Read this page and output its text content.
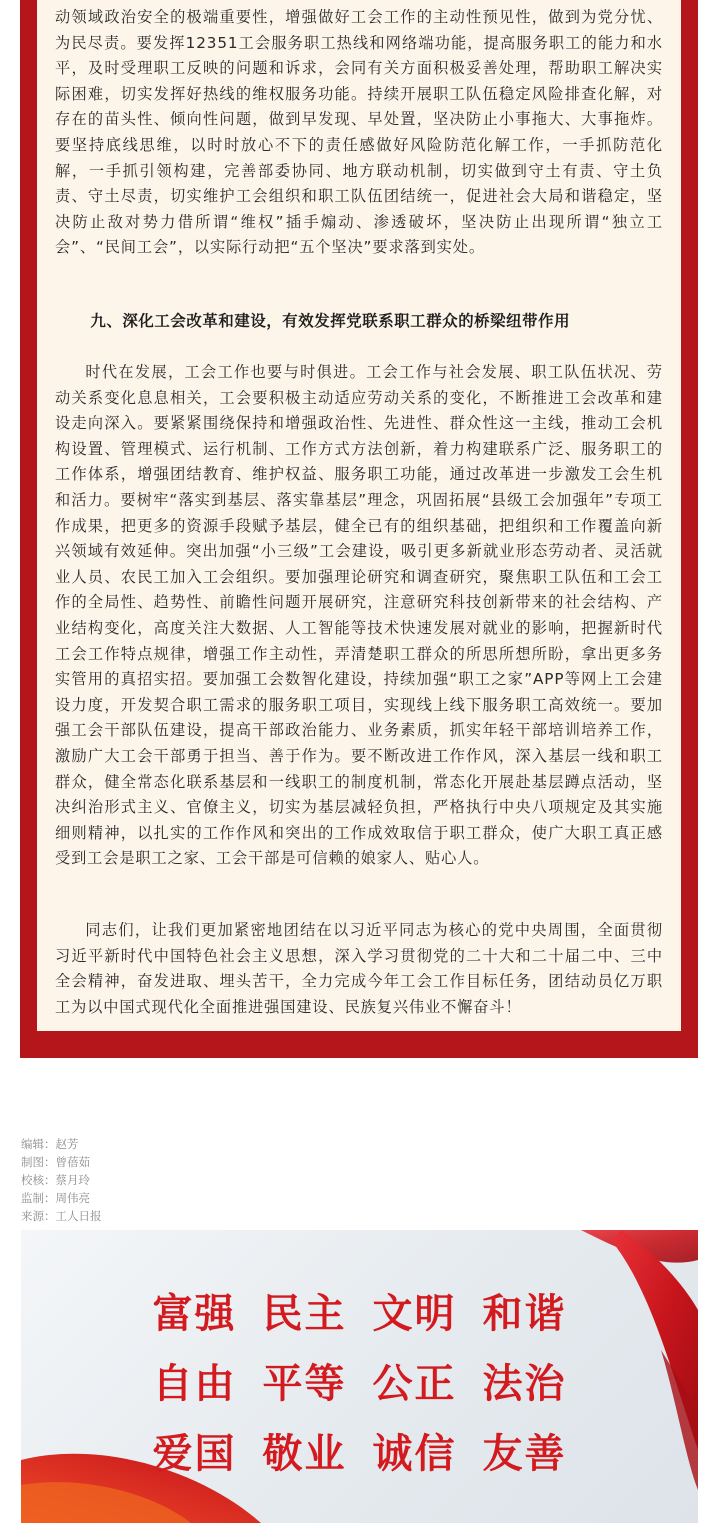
动领域政治安全的极端重要性，增强做好工会工作的主动性预见性，做到为党分忧、为民尽责。要发挥12351工会服务职工热线和网络端功能，提高服务职工的能力和水平，及时受理职工反映的问题和诉求，会同有关方面积极妥善处理，帮助职工解决实际困难，切实发挥好热线的维权服务功能。持续开展职工队伍稳定风险排查化解，对存在的苗头性、倾向性问题，做到早发现、早处置，坚决防止小事拖大、大事拖炸。要坚持底线思维，以时时放心不下的责任感做好风险防范化解工作，一手抓防范化解，一手抓引领构建，完善部委协同、地方联动机制，切实做到守土有责、守土负责、守土尽责，切实维护工会组织和职工队伍团结统一，促进社会大局和谐稳定，坚决防止敌对势力借所谓“维权”插手煽动、渗透破坏，坚决防止出现所谓“独立工会”、“民间工会”，以实际行动把“五个坚决”要求落到实处。

九、深化工会改革和建设，有效发挥党联系职工群众的桥梁纽带作用

时代在发展，工会工作也要与时俱进。工会工作与社会发展、职工队伍状况、劳动关系变化息息相关，工会要积极主动适应劳动关系的变化，不断推进工会改革和建设走向深入。要紧紧围绕保持和增强政治性、先进性、群众性这一主线，推动工会机构设置、管理模式、运行机制、工作方式方法创新，着力构建联系广泛、服务职工的工作体系，增强团结教育、维护权益、服务职工功能，通过改革进一步激发工会生机和活力。要树牢“落实到基层、落实靠基层”理念，巩固拓展“县级工会加强年”专项工作成果，把更多的资源手段赋予基层，健全已有的组织基础，把组织和工作覆盖向新兴领域有效延伸。突出加强“小三级”工会建设，吸引更多新就业形态劳动者、灵活就业人员、农民工加入工会组织。要加强理论研究和调查研究，聚焦职工队伍和工会工作的全局性、趋势性、前瞻性问题开展研究，注意研究科技创新带来的社会结构、产业结构变化，高度关注大数据、人工智能等技术快速发展对就业的影响，把握新时代工会工作特点规律，增强工作主动性，弄清楚职工群众的所思所想所盼，拿出更多务实管用的真招实招。要加强工会数智化建设，持续加强“职工之家”APP等网上工会建设力度，开发契合职工需求的服务职工项目，实现线上线下服务职工高效统一。要加强工会干部队伍建设，提高干部政治能力、业务素质，抓实年轻干部培训培养工作，激励广大工会干部勇于担当、善于作为。要不断改进工作作风，深入基层一线和职工群众，健全常态化联系基层和一线职工的制度机制，常态化开展赴基层蹲点活动，坚决纠治形式主义、官僚主义，切实为基层减轻负担，严格执行中央八项规定及其实施细则精神，以扎实的工作作风和突出的工作成效取信于职工群众，使广大职工真正感受到工会是职工之家、工会干部是可信赖的娘家人、贴心人。

同志们，让我们更加紧密地团结在以习近平同志为核心的党中央周围，全面贯彻习近平新时代中国特色社会主义思想，深入学习贯彻党的二十大和二十届二中、三中全会精神，奋发进取、埋头苦干，全力完成今年工会工作目标任务，团结动员亿万职工为以中国式现代化全面推进强国建设、民族复兴伟业不懈奋斗！

编辑：赵芳
制图：曾蓓茹
校核：蔡月玲
监制：周伟亮
来源：工人日报
富强 民主 文明 和谐
自由 平等 公正 法治
爱国 敬业 诚信 友善
